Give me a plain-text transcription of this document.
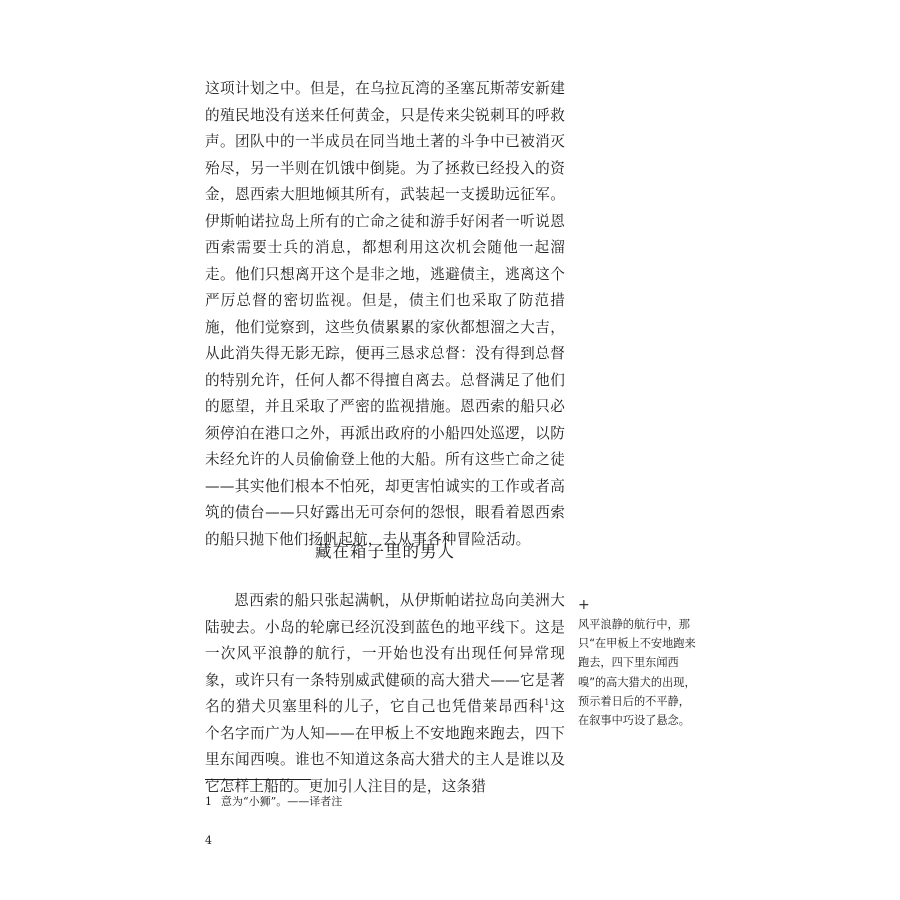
这项计划之中。但是，在乌拉瓦湾的圣塞瓦斯蒂安新建的殖民地没有送来任何黄金，只是传来尖锐刺耳的呼救声。团队中的一半成员在同当地土著的斗争中已被消灭殆尽，另一半则在饥饿中倒毙。为了拯救已经投入的资金，恩西索大胆地倾其所有，武装起一支援助远征军。伊斯帕诺拉岛上所有的亡命之徒和游手好闲者一听说恩西索需要士兵的消息，都想利用这次机会随他一起溜走。他们只想离开这个是非之地，逃避债主，逃离这个严厉总督的密切监视。但是，债主们也采取了防范措施，他们觉察到，这些负债累累的家伙都想溜之大吉，从此消失得无影无踪，便再三恳求总督：没有得到总督的特别允许，任何人都不得擅自离去。总督满足了他们的愿望，并且采取了严密的监视措施。恩西索的船只必须停泊在港口之外，再派出政府的小船四处巡逻，以防未经允许的人员偷偷登上他的大船。所有这些亡命之徒——其实他们根本不怕死，却更害怕诚实的工作或者高筑的债台——只好露出无可奈何的怨恨，眼看着恩西索的船只抛下他们扬帆起航，去从事各种冒险活动。

藏在箱子里的男人

恩西索的船只张起满帆，从伊斯帕诺拉岛向美洲大陆驶去。小岛的轮廓已经沉没到蓝色的地平线下。这是一次风平浪静的航行，一开始也没有出现任何异常现象，或许只有一条特别威武健硕的高大猎犬——它是著名的猎犬贝塞里科的儿子，它自己也凭借莱昂西科$^1$这个名字而广为人知——在甲板上不安地跑来跑去，四下里东闻西嗅。谁也不知道这条高大猎犬的主人是谁以及它怎样上船的。更加引人注目的是，这条猎

+
风平浪静的航行中，那只“在甲板上不安地跑来跑去，四下里东闻西嗅”的高大猎犬的出现，预示着日后的不平静，在叙事中巧设了悬念。

1 意为“小狮”。——译者注

4
